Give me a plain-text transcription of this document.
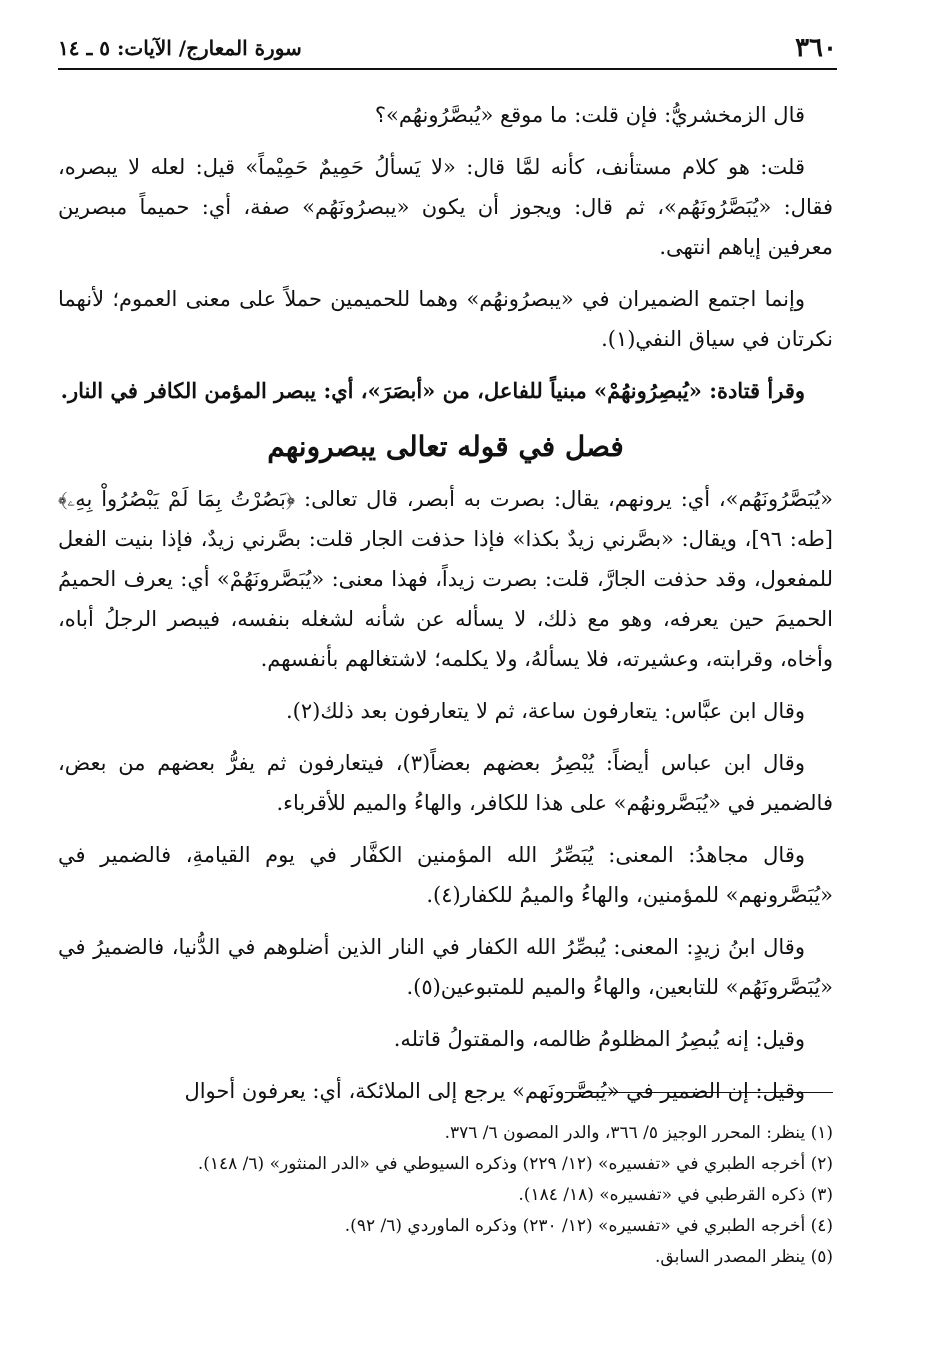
٣٦٠
سورة المعارج/ الآيات: ٥ ـ ١٤

قال الزمخشريُّ: فإن قلت: ما موقع «يُبصَّرُونهُم»؟

قلت: هو كلام مستأنف، كأنه لمَّا قال: «لا يَسألُ حَمِيمٌ حَمِيْماً» قيل: لعله لا يبصره، فقال: «يُبَصَّرُونَهُم»، ثم قال: ويجوز أن يكون «يبصرُونَهُم» صفة، أي: حميماً مبصرين معرفين إياهم انتهى.

وإنما اجتمع الضميران في «يبصرُونهُم» وهما للحميمين حملاً على معنى العموم؛ لأنهما نكرتان في سياق النفي(١).

وقرأ قتادة: «يُبصِرُونهُمْ» مبنياً للفاعل، من «أبصَرَ»، أي: يبصر المؤمن الكافر في النار.

فصل في قوله تعالى يبصرونهم

«يُبَصَّرُونَهُم»، أي: يرونهم، يقال: بصرت به أبصر، قال تعالى: ﴿بَصُرْتُ بِمَا لَمْ يَبْصُرُواْ بِهِۦ﴾ [طه: ٩٦]، ويقال: «بصَّرني زيدٌ بكذا» فإذا حذفت الجار قلت: بصَّرني زيدٌ، فإذا بنيت الفعل للمفعول، وقد حذفت الجارَّ، قلت: بصرت زيداً، فهذا معنى: «يُبَصَّرونَهُمْ» أي: يعرف الحميمُ الحميمَ حين يعرفه، وهو مع ذلك، لا يسأله عن شأنه لشغله بنفسه، فيبصر الرجلُ أباه، وأخاه، وقرابته، وعشيرته، فلا يسألهُ، ولا يكلمه؛ لاشتغالهم بأنفسهم.

وقال ابن عبَّاس: يتعارفون ساعة، ثم لا يتعارفون بعد ذلك(٢).

وقال ابن عباس أيضاً: يُبْصِرُ بعضهم بعضاً(٣)، فيتعارفون ثم يفرُّ بعضهم من بعض، فالضمير في «يُبَصَّرونهُم» على هذا للكافر، والهاءُ والميم للأقرباء.

وقال مجاهدُ: المعنى: يُبَصِّرُ الله المؤمنين الكفَّار في يوم القيامةِ، فالضمير في «يُبَصَّرونهم» للمؤمنين، والهاءُ والميمُ للكفار(٤).

وقال ابنُ زيدٍ: المعنى: يُبصِّرُ الله الكفار في النار الذين أضلوهم في الدُّنيا، فالضميرُ في «يُبَصَّرونَهُم» للتابعين، والهاءُ والميم للمتبوعين(٥).

وقيل: إنه يُبصِرُ المظلومُ ظالمه، والمقتولُ قاتله.

وقيل: إن الضمير في «يُبصَّرونَهم» يرجع إلى الملائكة، أي: يعرفون أحوال

(١) ينظر: المحرر الوجيز ٥/ ٣٦٦، والدر المصون ٦/ ٣٧٦.

(٢) أخرجه الطبري في «تفسيره» (١٢/ ٢٢٩) وذكره السيوطي في «الدر المنثور» (٦/ ١٤٨).

(٣) ذكره القرطبي في «تفسيره» (١٨/ ١٨٤).

(٤) أخرجه الطبري في «تفسيره» (١٢/ ٢٣٠) وذكره الماوردي (٦/ ٩٢).

(٥) ينظر المصدر السابق.
